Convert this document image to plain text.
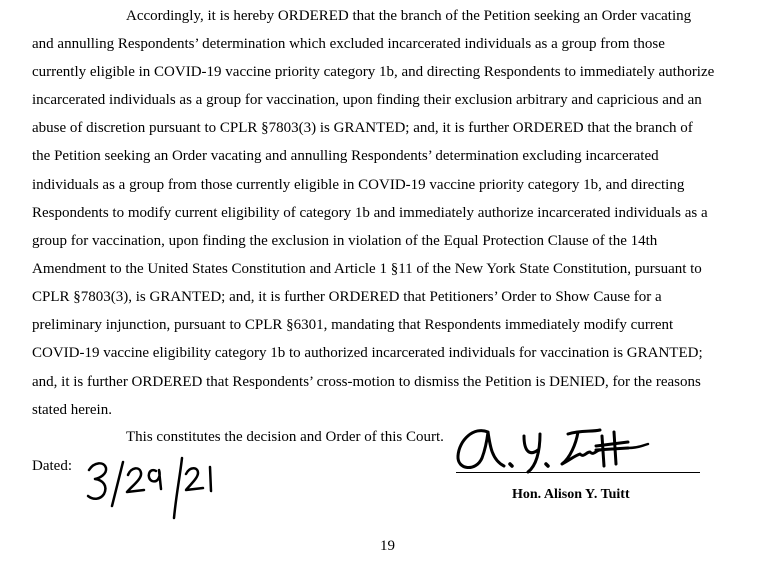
Accordingly, it is hereby ORDERED that the branch of the Petition seeking an Order vacating
and annulling Respondents’ determination which excluded incarcerated individuals as a group from those
currently eligible in COVID-19 vaccine priority category 1b, and directing Respondents to immediately authorize
incarcerated individuals as a group for vaccination, upon finding their exclusion arbitrary and capricious and an
abuse of discretion pursuant to CPLR §7803(3) is GRANTED; and, it is further ORDERED that the branch of
the Petition seeking an Order vacating and annulling Respondents’ determination excluding incarcerated
individuals as a group from those currently eligible in COVID-19 vaccine priority category 1b, and directing
Respondents to modify current eligibility of category 1b and immediately authorize incarcerated individuals as a
group for vaccination, upon finding the exclusion in violation of the Equal Protection Clause of the 14th
Amendment to the United States Constitution and Article 1 §11 of the New York State Constitution, pursuant to
CPLR §7803(3), is GRANTED; and, it is further ORDERED that Petitioners’ Order to Show Cause for a
preliminary injunction, pursuant to CPLR §6301, mandating that Respondents immediately modify current
COVID-19 vaccine eligibility category 1b to authorized incarcerated individuals for vaccination is GRANTED;
and, it is further ORDERED that Respondents’ cross-motion to dismiss the Petition is DENIED, for the reasons
stated herein.
This constitutes the decision and Order of this Court.
Dated:
Hon. Alison Y. Tuitt
19
